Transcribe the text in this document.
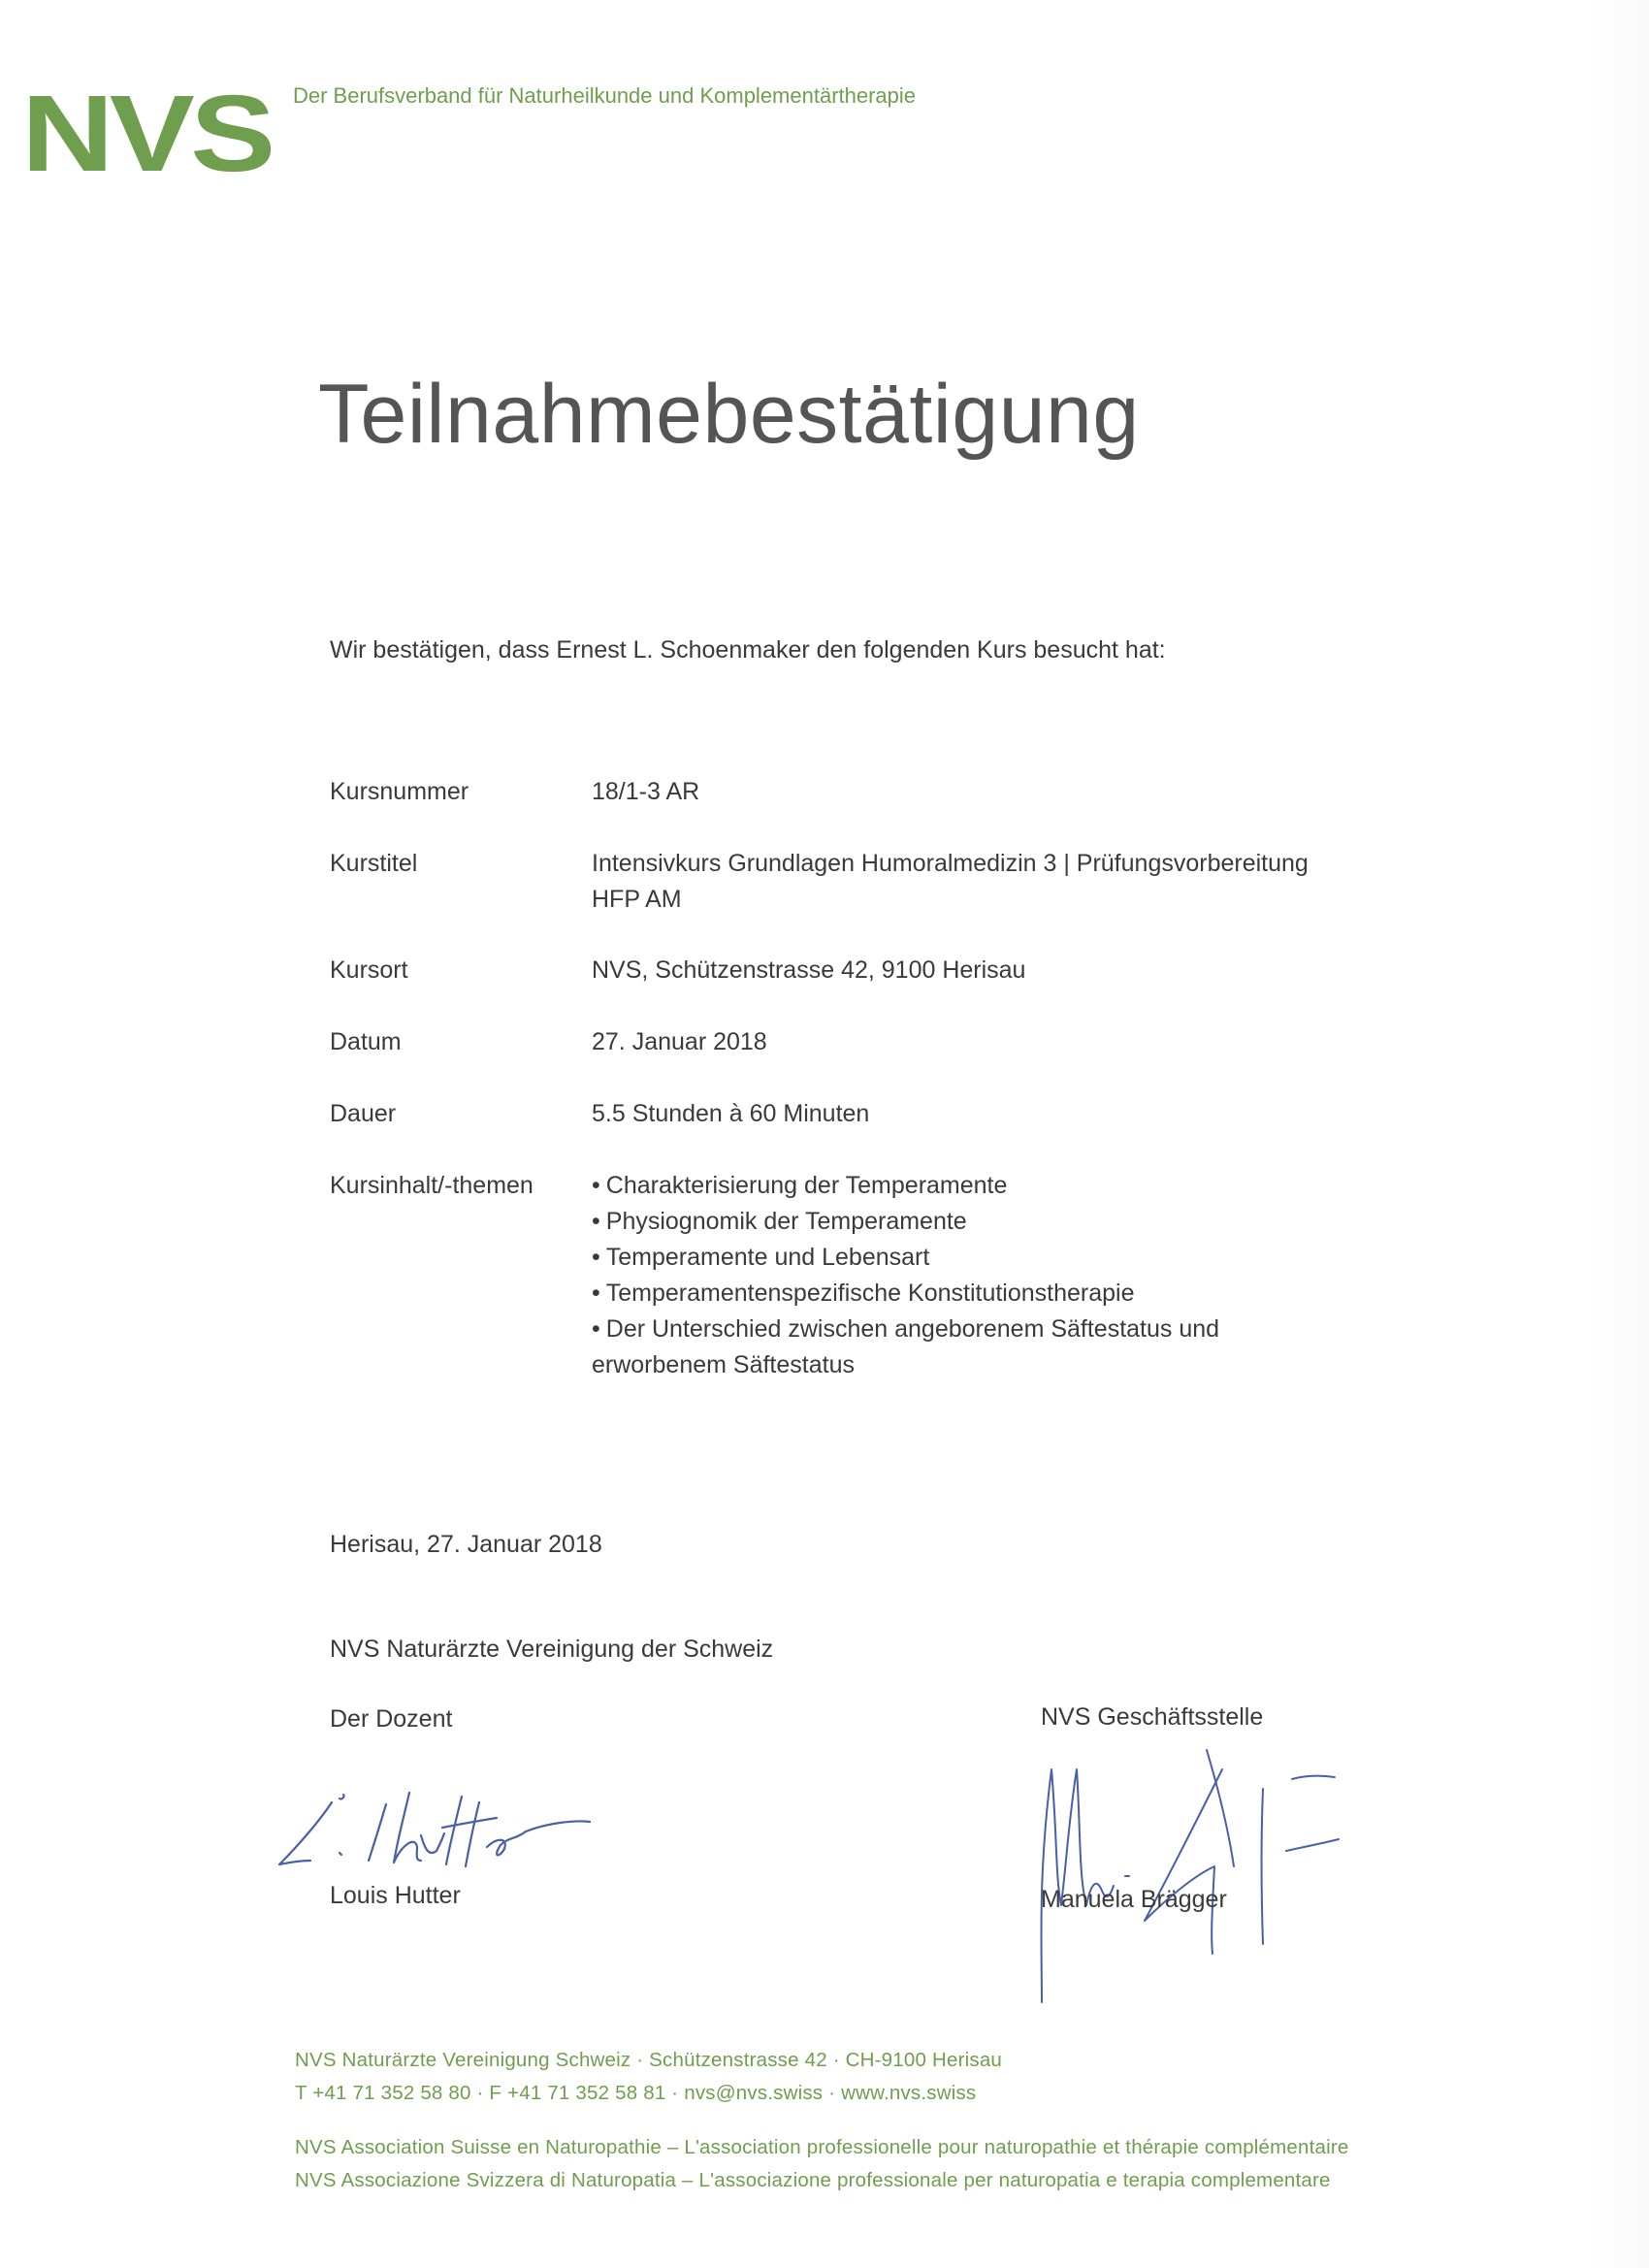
NVS Der Berufsverband für Naturheilkunde und Komplementärtherapie
Teilnahmebestätigung
Wir bestätigen, dass Ernest L. Schoenmaker den folgenden Kurs besucht hat:
Kursnummer	18/1-3 AR
Kurstitel	Intensivkurs Grundlagen Humoralmedizin 3 | Prüfungsvorbereitung
HFP AM
Kursort	NVS, Schützenstrasse 42, 9100 Herisau
Datum	27. Januar 2018
Dauer	5.5 Stunden à 60 Minuten
Kursinhalt/-themen • Charakterisierung der Temperamente
• Physiognomik der Temperamente
• Temperamente und Lebensart
• Temperamentenspezifische Konstitutionstherapie
• Der Unterschied zwischen angeborenem Säftestatus und
erworbenem Säftestatus
Herisau, 27. Januar 2018
NVS Naturärzte Vereinigung der Schweiz
Der Dozent	NVS Geschäftsstelle
Louis Hutter	Manuela Brägger
NVS Naturärzte Vereinigung Schweiz · Schützenstrasse 42 · CH-9100 Herisau
T +41 71 352 58 80 · F +41 71 352 58 81 · nvs@nvs.swiss · www.nvs.swiss
NVS Association Suisse en Naturopathie – L'association professionelle pour naturopathie et thérapie complémentaire
NVS Associazione Svizzera di Naturopatia – L'associazione professionale per naturopatia e terapia complementare
